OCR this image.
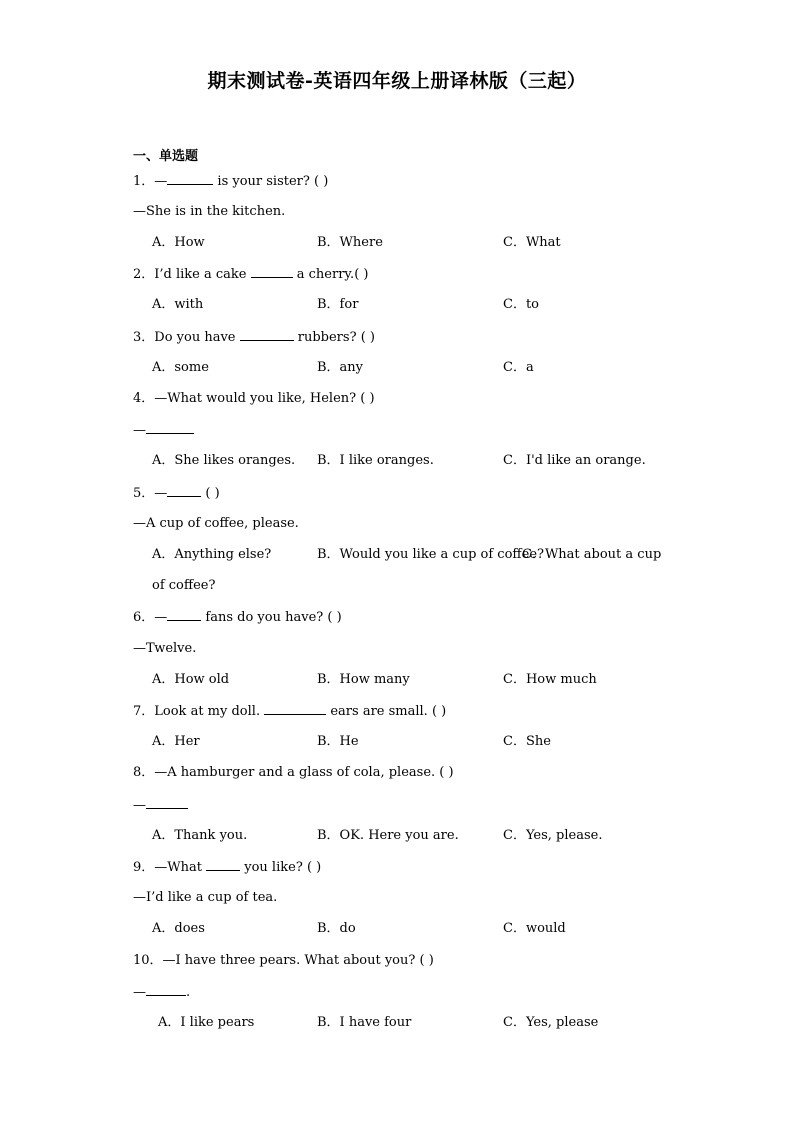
期末测试卷-英语四年级上册译林版（三起）
一、单选题
1．—	is your sister? ( )
—She is in the kitchen.
A．How	B．Where	C．What
2．I’d like a cake	a cherry.( )
A．with	B．for	C．to
3．Do you have	rubbers? ( )
A．some	B．any	C．a
4．—What would you like, Helen? ( )
—
A．She likes oranges. B．I like oranges.	C．I'd like an orange.
5．—	( )
—A cup of coffee, please.
A．Anything else?	B．Would you like a cup of coffee?
C．What about a cup
of coffee?
6．—	fans do you have? ( )
—Twelve.
A．How old	B．How many	C．How much
7．Look at my doll.	ears are small. ( )
A．Her	B．He	C．She
8．—A hamburger and a glass of cola, please. ( )
—
A．Thank you.	B．OK. Here you are.	C．Yes, please.
9．—What	you like? ( )
—I’d like a cup of tea.
A．does	B．do	C．would
10．—I have three pears. What about you? ( )
—	.
A．I like pears	B．I have four	C．Yes, please
